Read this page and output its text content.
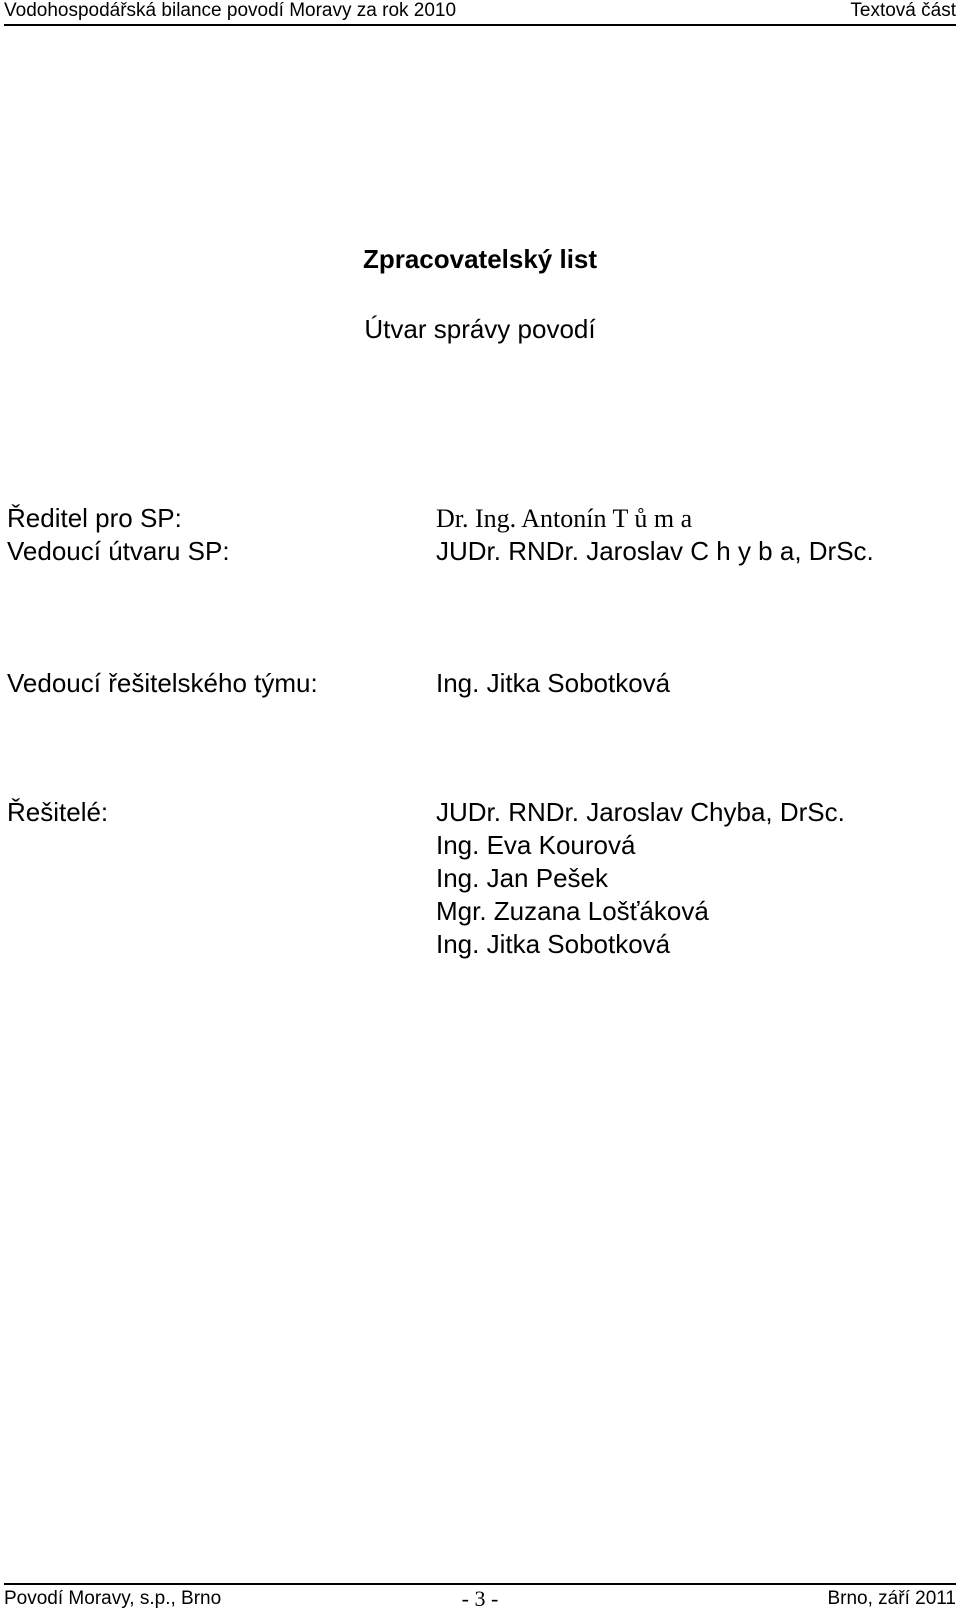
Vodohospodářská bilance povodí Moravy za rok 2010	Textová část
Zpracovatelský list
Útvar správy povodí
Ředitel pro SP:	Dr. Ing. Antonín T ů m a
Vedoucí útvaru SP:	JUDr. RNDr. Jaroslav C h y b a, DrSc.
Vedoucí řešitelského týmu:	Ing. Jitka Sobotková
Řešitelé:	JUDr. RNDr. Jaroslav Chyba, DrSc.
Ing. Eva Kourová
Ing. Jan Pešek
Mgr. Zuzana Lošťáková
Ing. Jitka Sobotková
Povodí Moravy, s.p., Brno	- 3 -	Brno, září 2011
